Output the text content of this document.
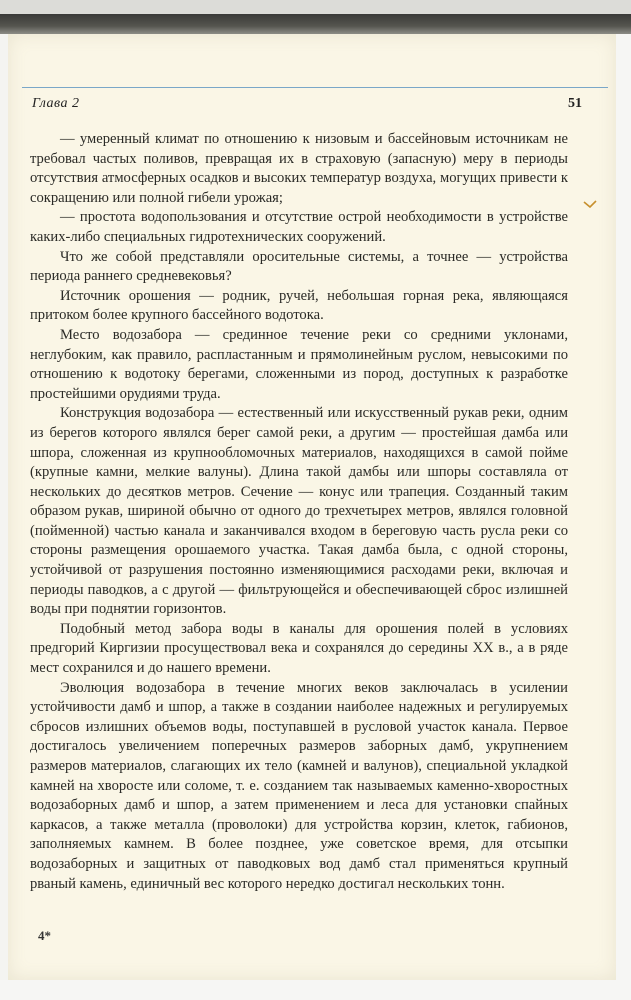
Глава 2	51

— умеренный климат по отношению к низовым и бассейновым источникам не требовал частых поливов, превращая их в страховую (запасную) меру в периоды отсутствия атмосферных осадков и высоких температур воздуха, могущих привести к сокращению или полной гибели урожая;

— простота водопользования и отсутствие острой необходимости в устройстве каких-либо специальных гидротехнических сооружений.

Что же собой представляли оросительные системы, а точнее — устройства периода раннего средневековья?

Источник орошения — родник, ручей, небольшая горная река, являющаяся притоком более крупного бассейного водотока.

Место водозабора — срединное течение реки со средними уклонами, неглубоким, как правило, распластанным и прямолинейным руслом, невысокими по отношению к водотоку берегами, сложенными из пород, доступных к разработке простейшими орудиями труда.

Конструкция водозабора — естественный или искусственный рукав реки, одним из берегов которого являлся берег самой реки, а другим — простейшая дамба или шпора, сложенная из крупнообломочных материалов, находящихся в самой пойме (крупные камни, мелкие валуны). Длина такой дамбы или шпоры составляла от нескольких до десятков метров. Сечение — конус или трапеция. Созданный таким образом рукав, шириной обычно от одного до трехчетырех метров, являлся головной (пойменной) частью канала и заканчивался входом в береговую часть русла реки со стороны размещения орошаемого участка. Такая дамба была, с одной стороны, устойчивой от разрушения постоянно изменяющимися расходами реки, включая и периоды паводков, а с другой — фильтрующейся и обеспечивающей сброс излишней воды при поднятии горизонтов.

Подобный метод забора воды в каналы для орошения полей в условиях предгорий Киргизии просуществовал века и сохранялся до середины XX в., а в ряде мест сохранился и до нашего времени.

Эволюция водозабора в течение многих веков заключалась в усилении устойчивости дамб и шпор, а также в создании наиболее надежных и регулируемых сбросов излишних объемов воды, поступавшей в русловой участок канала. Первое достигалось увеличением поперечных размеров заборных дамб, укрупнением размеров материалов, слагающих их тело (камней и валунов), специальной укладкой камней на хворосте или соломе, т. е. созданием так называемых каменно-хворостных водозаборных дамб и шпор, а затем применением и леса для установки спайных каркасов, а также металла (проволоки) для устройства корзин, клеток, габионов, заполняемых камнем. В более позднее, уже советское время, для отсыпки водозаборных и защитных от паводковых вод дамб стал применяться крупный рваный камень, единичный вес которого нередко достигал нескольких тонн.

4*
